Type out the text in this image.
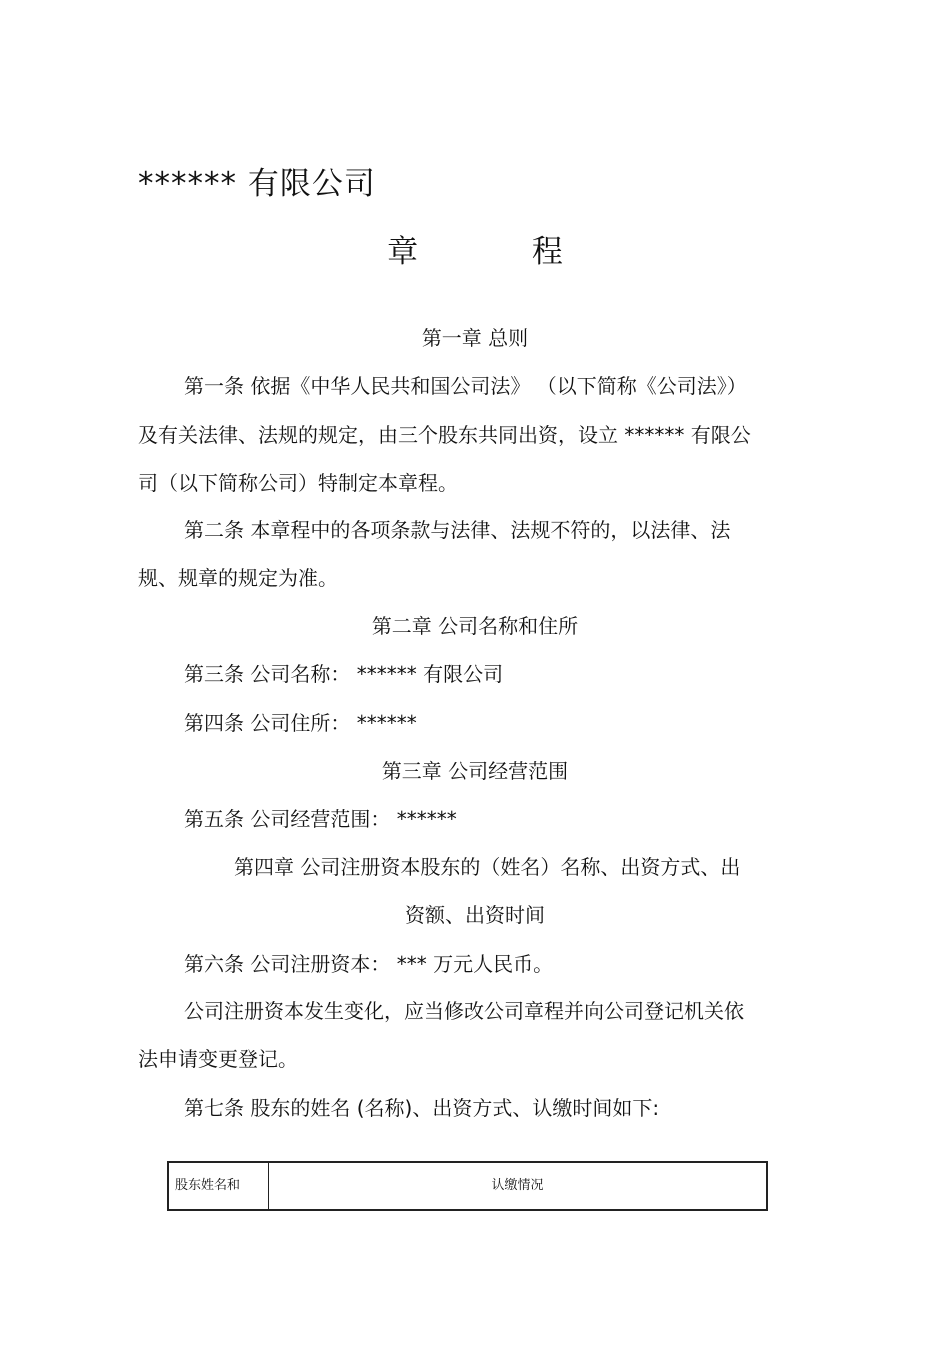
****** 有限公司
章 程
第一章 总则
第一条 依据《中华人民共和国公司法》 （以下简称《公司法》）
及有关法律、法规的规定，由三个股东共同出资，设立 ****** 有限公
司（以下简称公司）特制定本章程。
第二条 本章程中的各项条款与法律、法规不符的，以法律、法
规、规章的规定为准。
第二章 公司名称和住所
第三条 公司名称： ****** 有限公司
第四条 公司住所： ******
第三章 公司经营范围
第五条 公司经营范围： ******
第四章 公司注册资本股东的（姓名）名称、出资方式、出
资额、出资时间
第六条 公司注册资本： *** 万元人民币。
公司注册资本发生变化，应当修改公司章程并向公司登记机关依
法申请变更登记。
第七条 股东的姓名 (名称)、出资方式、认缴时间如下:
股东姓名和	认缴情况
